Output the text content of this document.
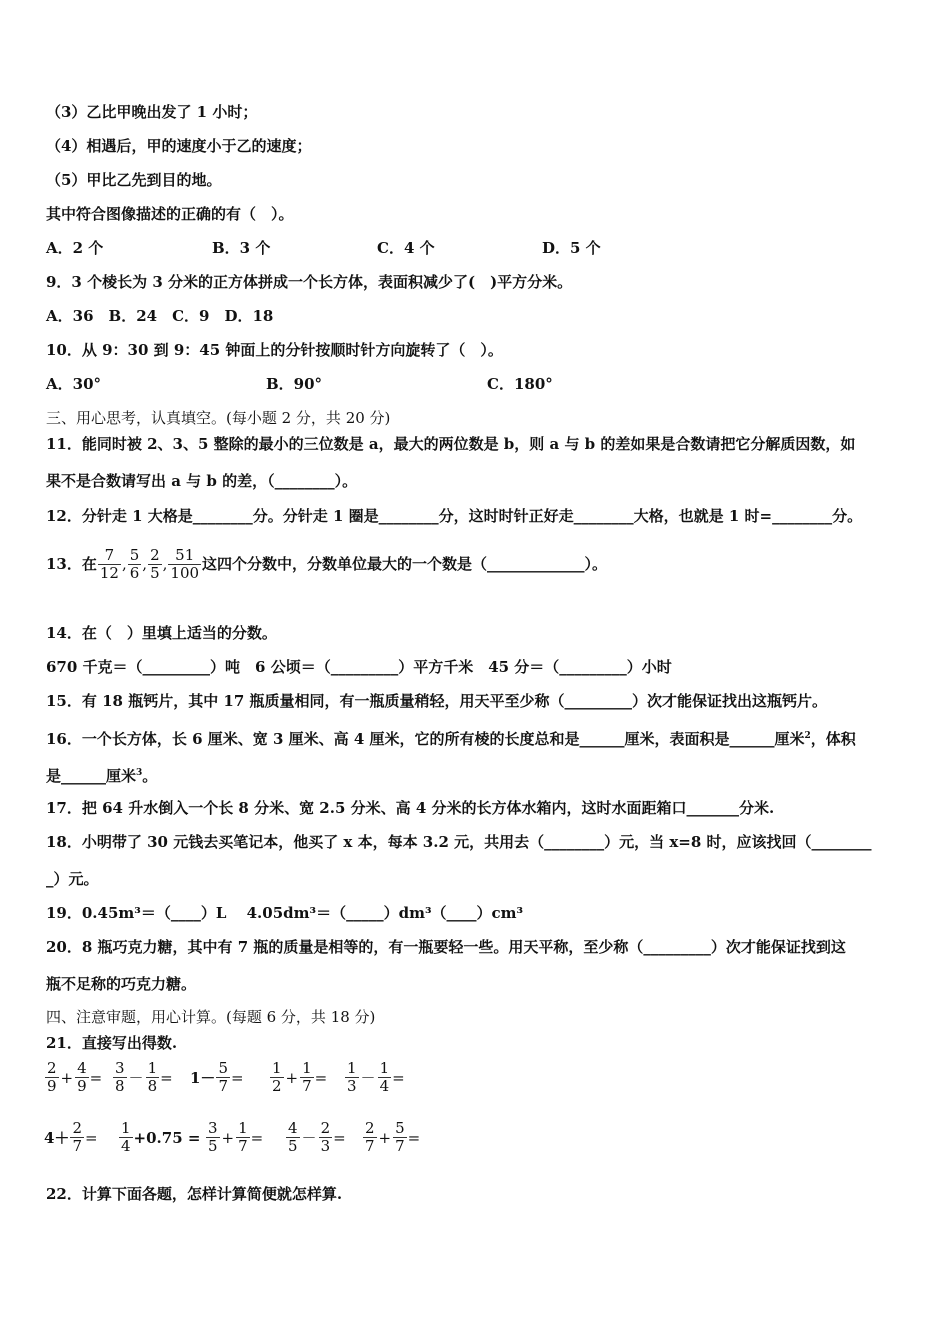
（3）乙比甲晚出发了 1 小时；
（4）相遇后，甲的速度小于乙的速度；
（5）甲比乙先到目的地。
其中符合图像描述的正确的有（　）。
A．2 个	B．3 个	C．4 个	D．5 个
9．3 个棱长为 3 分米的正方体拼成一个长方体，表面积减少了(　)平方分米。
A．36　B．24　C．9　D．18
10．从 9：30 到 9：45 钟面上的分针按顺时针方向旋转了（　）。
A．30°	B．90°	C．180°
三、用心思考，认真填空。(每小题 2 分，共 20 分)
11．能同时被 2、3、5 整除的最小的三位数是 a，最大的两位数是 b，则 a 与 b 的差如果是合数请把它分解质因数，如
果不是合数请写出 a 与 b 的差，（________）。
12．分针走 1 大格是________分。分针走 1 圈是________分，这时时针正好走________大格，也就是 1 时=________分。
13．在 $\frac{7}{12}$ , $\frac{5}{6}$ , $\frac{2}{5}$ , $\frac{51}{100}$ 这四个分数中，分数单位最大的一个数是（_____________）。
14．在（　）里填上适当的分数。
670 千克＝（_________）吨　6 公顷＝（_________）平方千米　45 分＝（_________）小时
15．有 18 瓶钙片，其中 17 瓶质量相同，有一瓶质量稍轻，用天平至少称（_________）次才能保证找出这瓶钙片。
16．一个长方体，长 6 厘米、宽 3 厘米、高 4 厘米，它的所有棱的长度总和是______厘米，表面积是______厘米$^2$，体积
是______厘米$^3$。
17．把 64 升水倒入一个长 8 分米、宽 2.5 分米、高 4 分米的长方体水箱内，这时水面距箱口_______分米.
18．小明带了 30 元钱去买笔记本，他买了 x 本，每本 3.2 元，共用去（________）元，当 x=8 时，应该找回（________
_）元。
19．0.45m³＝（____）L　 4.05dm³＝（_____）dm³（____）cm³
20．8 瓶巧克力糖，其中有 7 瓶的质量是相等的，有一瓶要轻一些。用天平称，至少称（_________）次才能保证找到这
瓶不足称的巧克力糖。
四、注意审题，用心计算。(每题 6 分，共 18 分)
21．直接写出得数.
$\frac{2}{9} + \frac{4}{9} = \frac{3}{8} - \frac{1}{8} = 1- \frac{5}{7} = \frac{1}{2} + \frac{1}{7} = \frac{1}{3} - \frac{1}{4}$ =
$4+ \frac{2}{7} = \frac{1}{4} +0.75 = \frac{3}{5} + \frac{1}{7} = \frac{4}{5} - \frac{2}{3} = \frac{2}{7} + \frac{5}{7}$ =
22．计算下面各题，怎样计算简便就怎样算.
